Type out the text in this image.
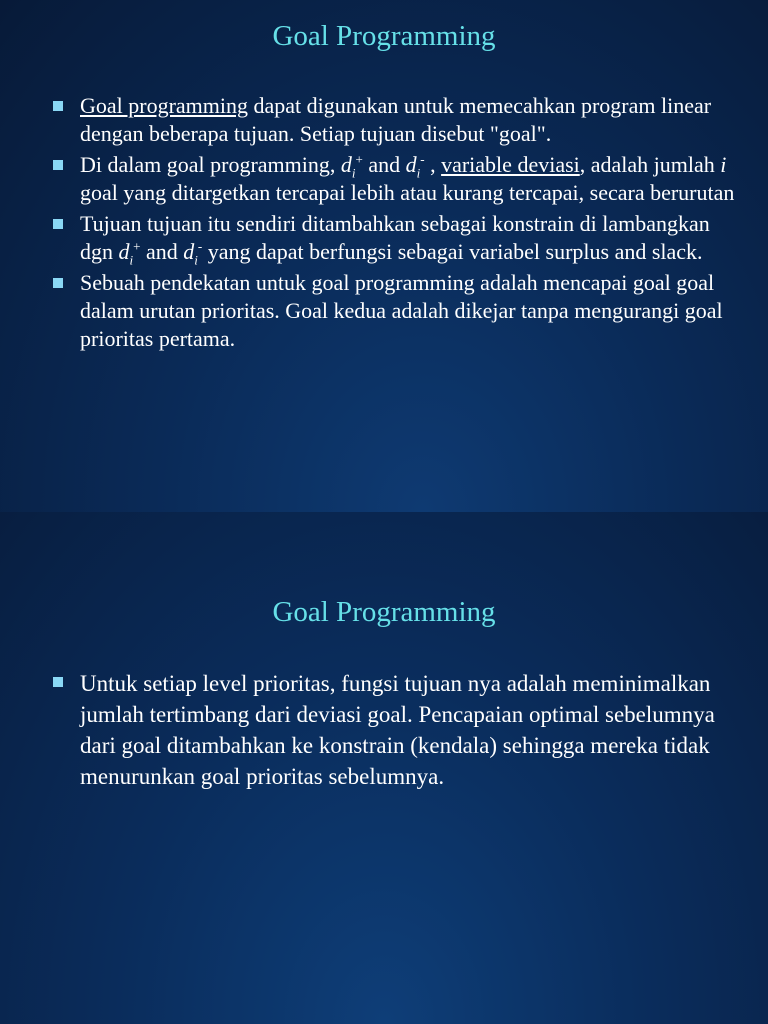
Goal Programming
Goal programming dapat digunakan untuk memecahkan program linear dengan beberapa tujuan. Setiap tujuan disebut "goal".
Di dalam goal programming, $d_i^+$ and $d_i^-$ , variable deviasi, adalah jumlah i goal yang ditargetkan tercapai lebih atau kurang tercapai, secara berurutan
Tujuan tujuan itu sendiri ditambahkan sebagai konstrain di lambangkan dgn $d_i^+$ and $d_i^-$ yang dapat berfungsi sebagai variabel surplus and slack.
Sebuah pendekatan untuk goal programming adalah mencapai goal goal dalam urutan prioritas. Goal kedua adalah dikejar tanpa mengurangi goal prioritas pertama.
Goal Programming
Untuk setiap level prioritas, fungsi tujuan nya adalah meminimalkan jumlah tertimbang dari deviasi goal. Pencapaian optimal sebelumnya dari goal ditambahkan ke konstrain (kendala) sehingga mereka tidak menurunkan goal prioritas sebelumnya.
